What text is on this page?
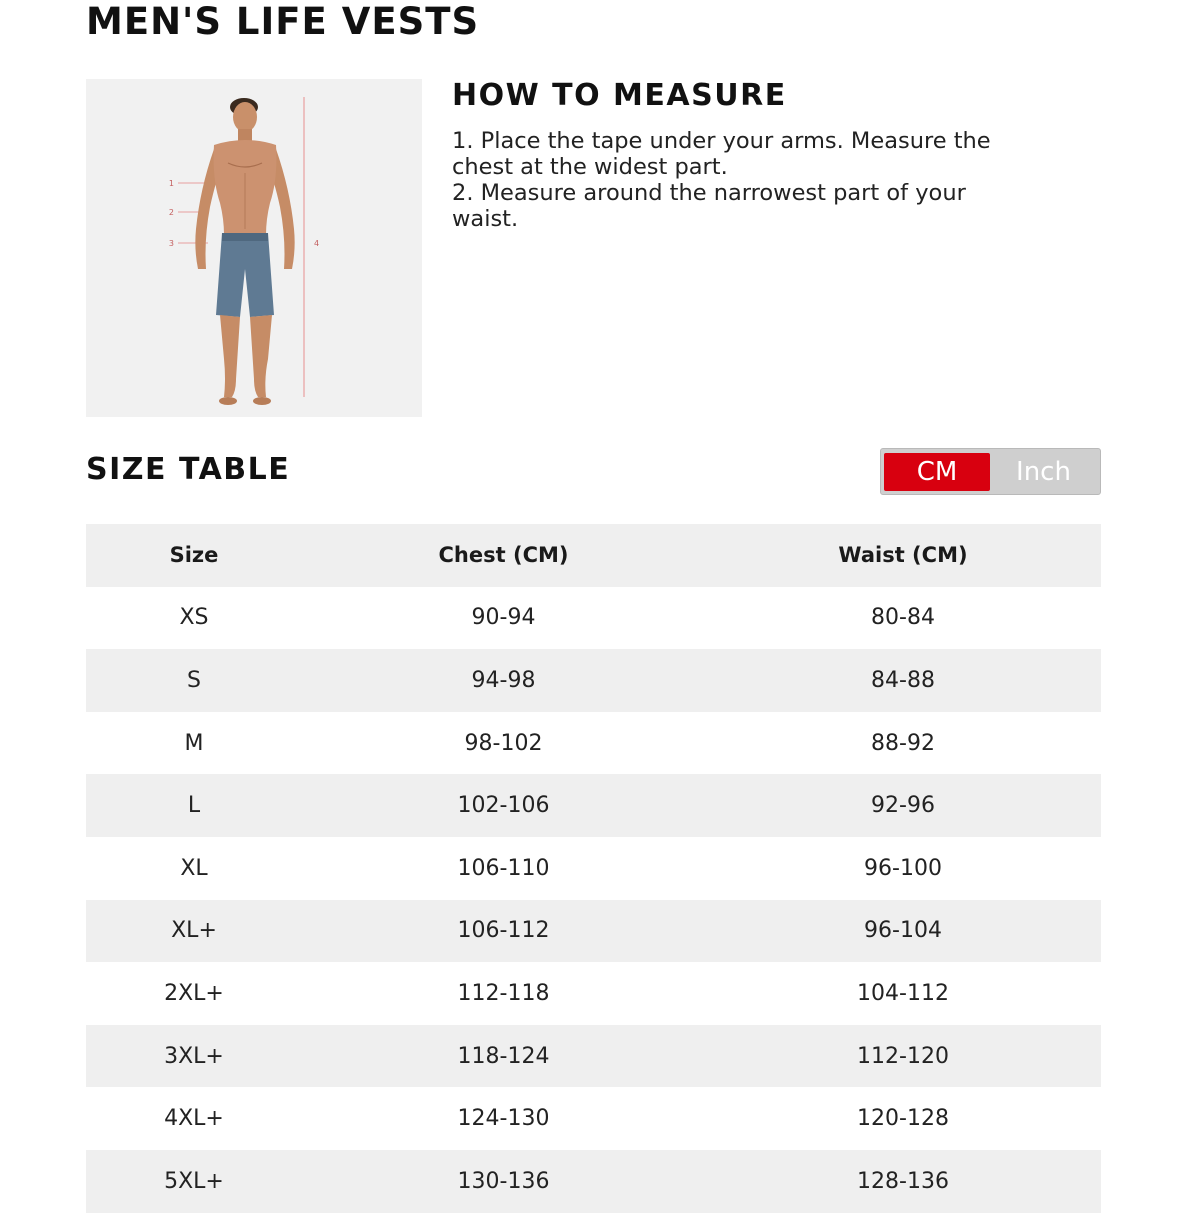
MEN'S LIFE VESTS
1
2
3	4
HOW TO MEASURE
1. Place the tape under your arms. Measure the
chest at the widest part.
2. Measure around the narrowest part of your
waist.
SIZE TABLE	CM	Inch
Size	Chest (CM)	Waist (CM)
XS	90-94	80-84
S	94-98	84-88
M	98-102	88-92
L	102-106	92-96
XL	106-110	96-100
XL+	106-112	96-104
2XL+	112-118	104-112
3XL+	118-124	112-120
4XL+	124-130	120-128
5XL+	130-136	128-136
